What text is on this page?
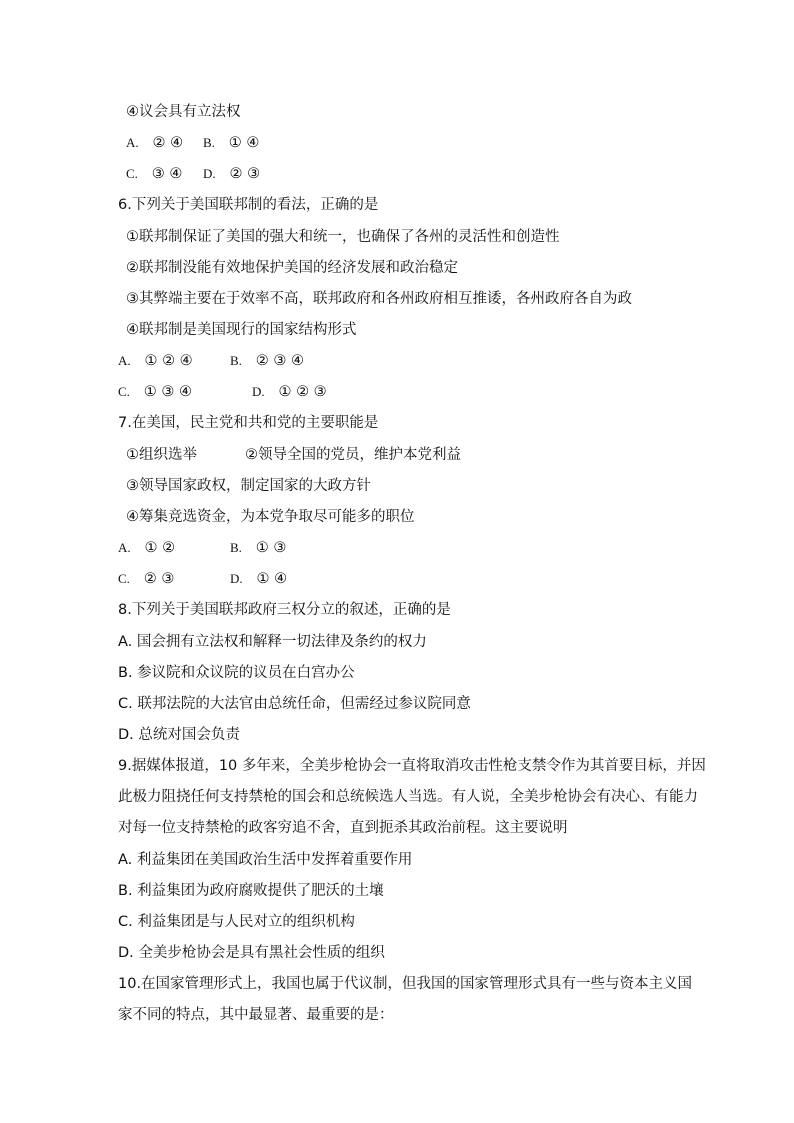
④议会具有立法权
A. ② ④ B. ① ④
C. ③ ④ D. ② ③
6.下列关于美国联邦制的看法，正确的是
①联邦制保证了美国的强大和统一，也确保了各州的灵活性和创造性
②联邦制没能有效地保护美国的经济发展和政治稳定
③其弊端主要在于效率不高，联邦政府和各州政府相互推诿，各州政府各自为政
④联邦制是美国现行的国家结构形式
A. ① ② ④	B. ② ③ ④
C. ① ③ ④	D. ① ② ③
7.在美国，民主党和共和党的主要职能是
①组织选举	②领导全国的党员，维护本党利益
③领导国家政权，制定国家的大政方针
④筹集竞选资金，为本党争取尽可能多的职位
A. ① ②	B. ① ③
C. ② ③	D. ① ④
8.下列关于美国联邦政府三权分立的叙述，正确的是
A. 国会拥有立法权和解释一切法律及条约的权力
B. 参议院和众议院的议员在白宫办公
C. 联邦法院的大法官由总统任命，但需经过参议院同意
D. 总统对国会负责
9.据媒体报道，10 多年来，全美步枪协会一直将取消攻击性枪支禁令作为其首要目标，并因
此极力阻挠任何支持禁枪的国会和总统候选人当选。有人说，全美步枪协会有决心、有能力
对每一位支持禁枪的政客穷追不舍，直到扼杀其政治前程。这主要说明
A. 利益集团在美国政治生活中发挥着重要作用
B. 利益集团为政府腐败提供了肥沃的土壤
C. 利益集团是与人民对立的组织机构
D. 全美步枪协会是具有黑社会性质的组织
10.在国家管理形式上，我国也属于代议制，但我国的国家管理形式具有一些与资本主义国
家不同的特点，其中最显著、最重要的是：
